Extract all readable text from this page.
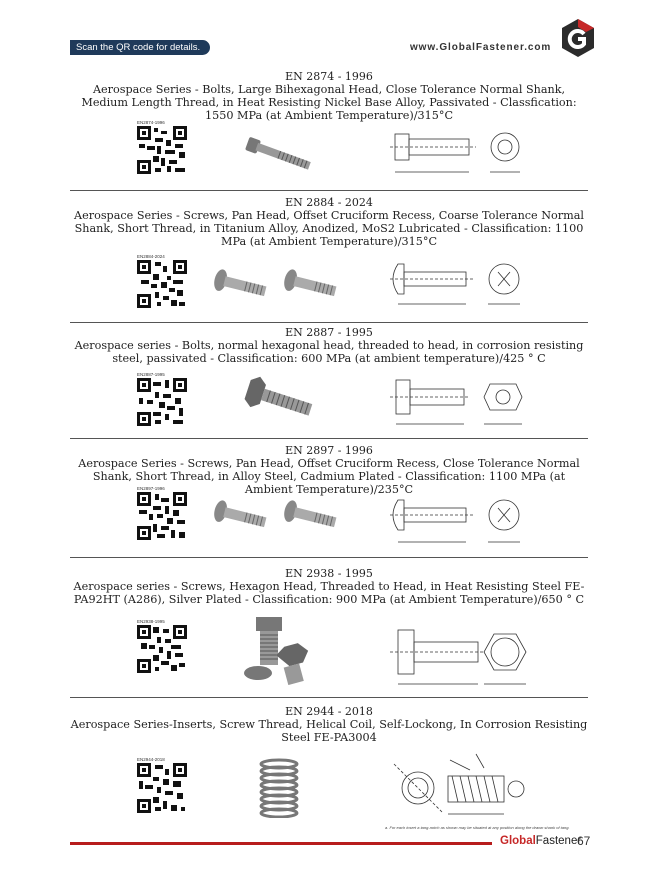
Scan the QR code for details.	www.GlobalFastener.com
EN 2874 - 1996
Aerospace Series - Bolts, Large Bihexagonal Head, Close Tolerance Normal Shank, Medium Length Thread, in Heat Resisting Nickel Base Alloy, Passivated - Classfication: 1550 MPa (at Ambient Temperature)/315°C
EN2874-1996
EN 2884 - 2024
Aerospace Series - Screws, Pan Head, Offset Cruciform Recess, Coarse Tolerance Normal Shank, Short Thread, in Titanium Alloy, Anodized, MoS2 Lubricated - Classification: 1100 MPa (at Ambient Temperature)/315°C
EN2884-2024
EN 2887 - 1995
Aerospace series - Bolts, normal hexagonal head, threaded to head, in corrosion resisting steel, passivated - Classification: 600 MPa (at ambient temperature)/425 ° C
EN2887-1995
EN 2897 - 1996
Aerospace Series - Screws, Pan Head, Offset Cruciform Recess, Close Tolerance Normal Shank, Short Thread, in Alloy Steel, Cadmium Plated - Classification: 1100 MPa (at Ambient Temperature)/235°C
EN2897-1996
EN 2938 - 1995
Aerospace series - Screws, Hexagon Head, Threaded to Head, in Heat Resisting Steel FE-PA92HT (A286), Silver Plated - Classification: 900 MPa (at Ambient Temperature)/650 ° C
EN2938-1995
EN 2944 - 2018
Aerospace Series-Inserts, Screw Thread, Helical Coil, Self-Lockong, In Corrosion Resisting Steel FE-PA3004
EN2944-2018
a. For each insert a tang-notch as shown may be situated at any position along the drawn shank of tang.
GlobalFastener
67
